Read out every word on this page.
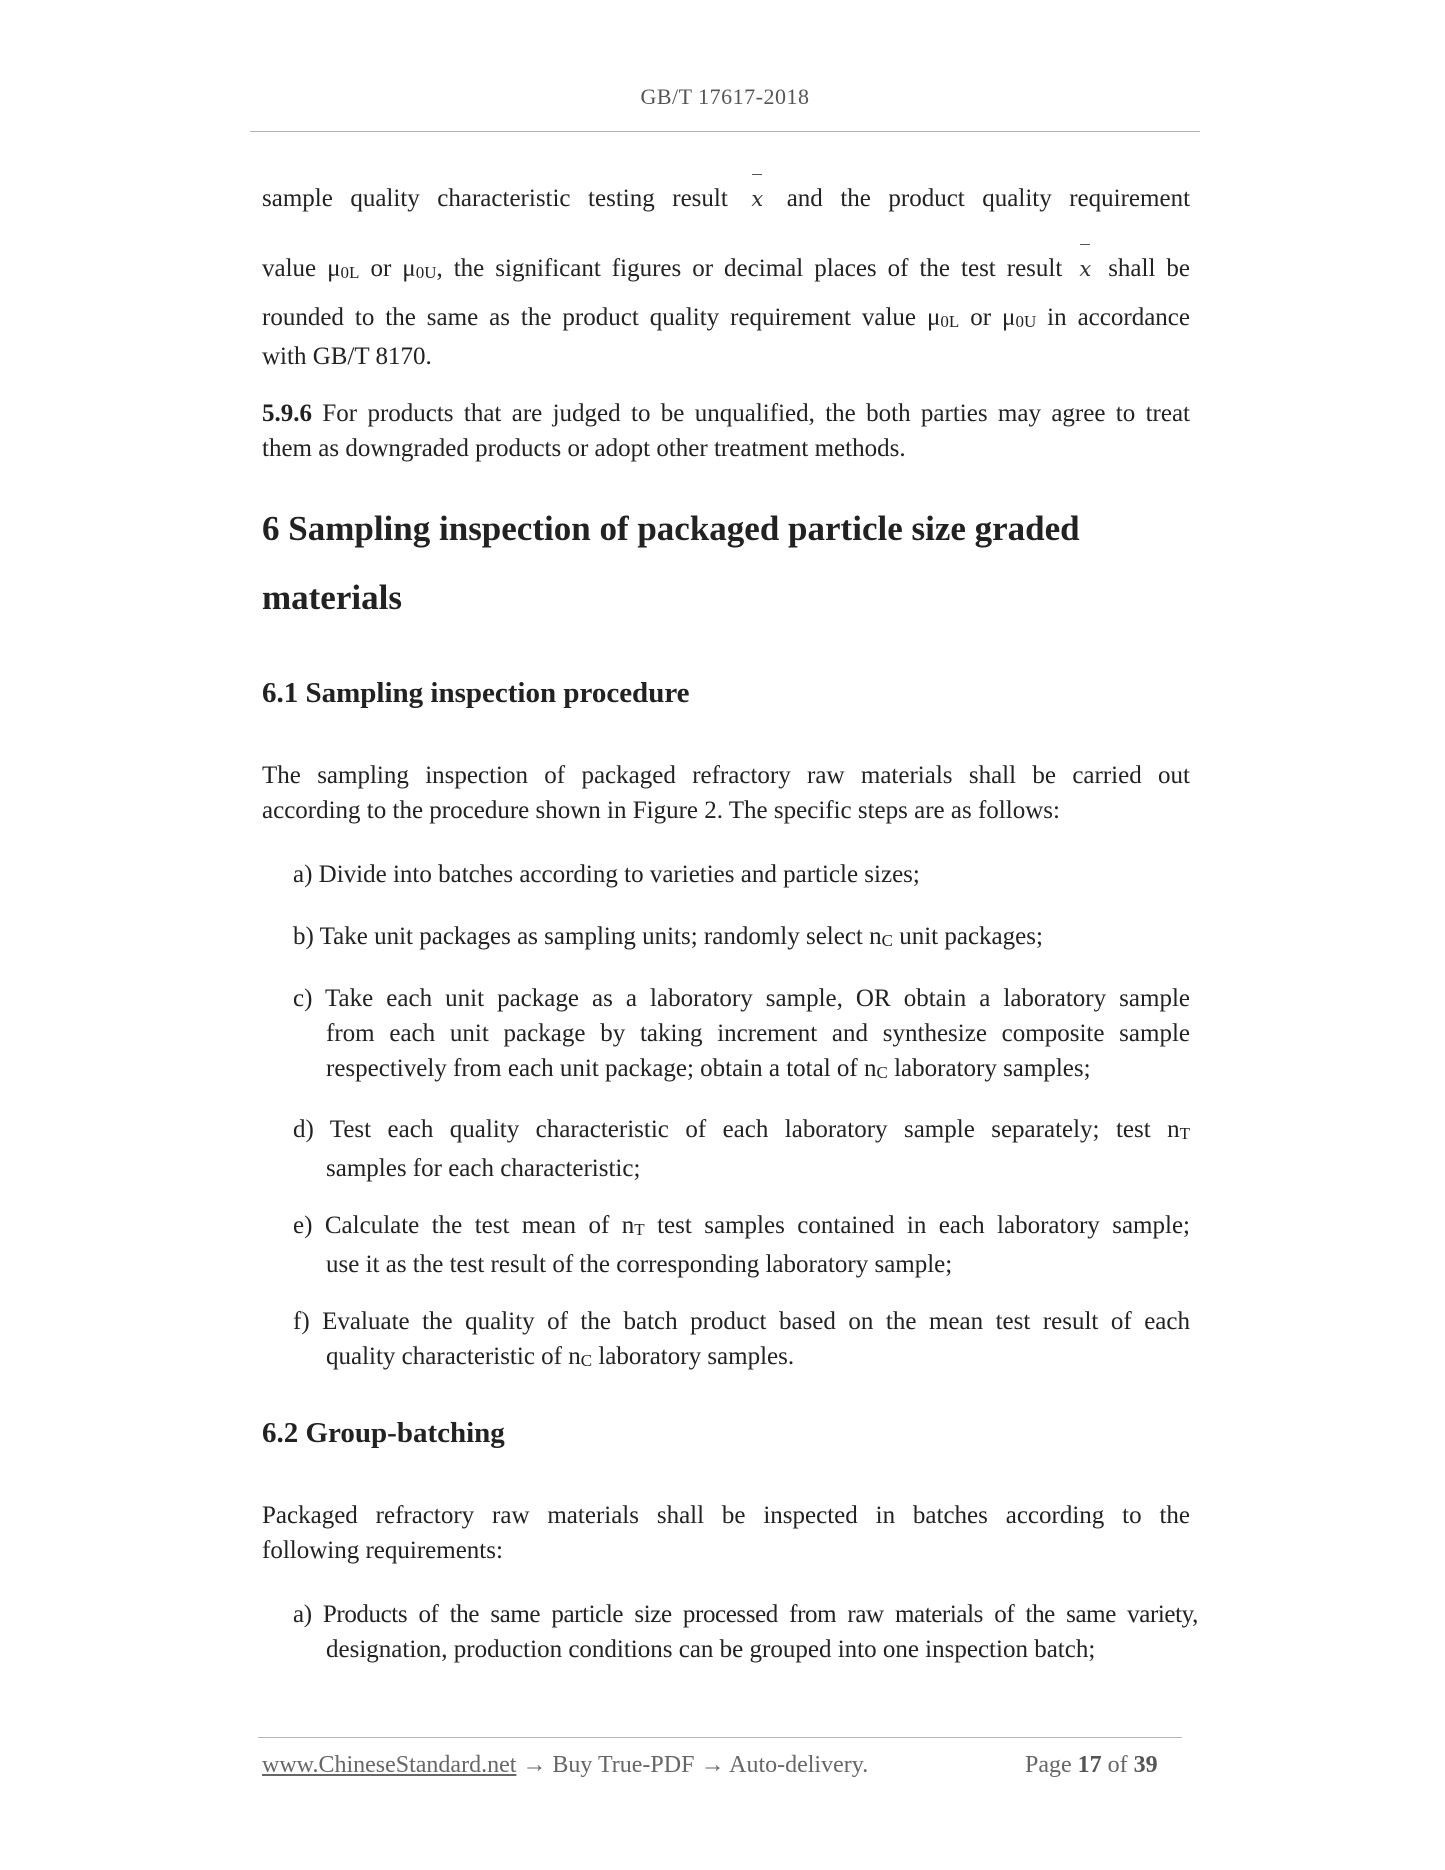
GB/T 17617-2018
sample quality characteristic testing result x and the product quality requirement
value μ0L or μ0U, the significant figures or decimal places of the test result x shall be
rounded to the same as the product quality requirement value μ0L or μ0U in accordance
with GB/T 8170.
5.9.6 For products that are judged to be unqualified, the both parties may agree to treat
them as downgraded products or adopt other treatment methods.
6 Sampling inspection of packaged particle size graded
materials
6.1 Sampling inspection procedure
The sampling inspection of packaged refractory raw materials shall be carried out
according to the procedure shown in Figure 2. The specific steps are as follows:
a) Divide into batches according to varieties and particle sizes;
b) Take unit packages as sampling units; randomly select nC unit packages;
c) Take each unit package as a laboratory sample, OR obtain a laboratory sample
from each unit package by taking increment and synthesize composite sample
respectively from each unit package; obtain a total of nC laboratory samples;
d) Test each quality characteristic of each laboratory sample separately; test nT
samples for each characteristic;
e) Calculate the test mean of nT test samples contained in each laboratory sample;
use it as the test result of the corresponding laboratory sample;
f) Evaluate the quality of the batch product based on the mean test result of each
quality characteristic of nC laboratory samples.
6.2 Group-batching
Packaged refractory raw materials shall be inspected in batches according to the
following requirements:
a) Products of the same particle size processed from raw materials of the same variety,
designation, production conditions can be grouped into one inspection batch;
www.ChineseStandard.net → Buy True-PDF → Auto-delivery.	Page 17 of 39
